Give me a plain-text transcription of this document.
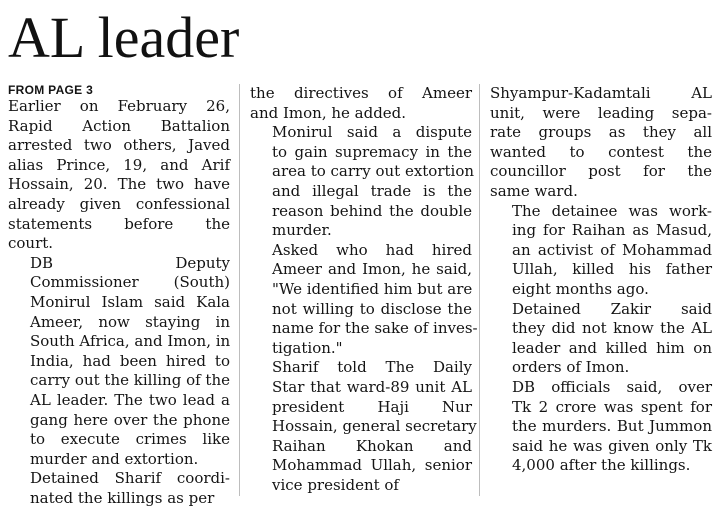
AL leader
FROM PAGE 3

Earlier on February 26,
Rapid Action Battalion
arrested two others, Javed
alias Prince, 19, and Arif
Hossain, 20. The two have
already given confessional
statements before the
court.

DB Deputy
Commissioner (South)
Monirul Islam said Kala
Ameer, now staying in
South Africa, and Imon, in
India, had been hired to
carry out the killing of the
AL leader. The two lead a
gang here over the phone
to execute crimes like
murder and extortion.

Detained Sharif coordi-
nated the killings as per

the directives of Ameer
and Imon, he added.

Monirul said a dispute
to gain supremacy in the
area to carry out extortion
and illegal trade is the
reason behind the double
murder.

Asked who had hired
Ameer and Imon, he said,
"We identified him but are
not willing to disclose the
name for the sake of inves-
tigation."

Sharif told The Daily
Star that ward-89 unit AL
president Haji Nur
Hossain, general secretary
Raihan Khokan and
Mohammad Ullah, senior
vice president of

Shyampur-Kadamtali AL
unit, were leading sepa-
rate groups as they all
wanted to contest the
councillor post for the
same ward.

The detainee was work-
ing for Raihan as Masud,
an activist of Mohammad
Ullah, killed his father
eight months ago.

Detained Zakir said
they did not know the AL
leader and killed him on
orders of Imon.

DB officials said, over
Tk 2 crore was spent for
the murders. But Jummon
said he was given only Tk
4,000 after the killings.
